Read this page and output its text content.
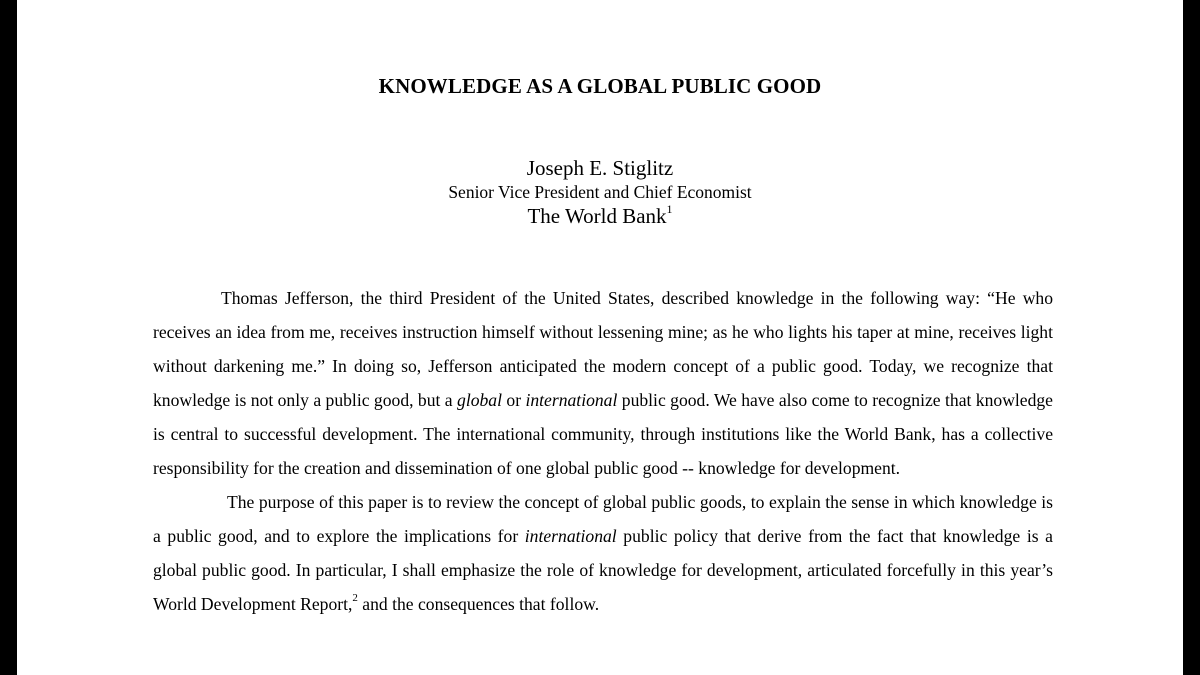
KNOWLEDGE AS A GLOBAL PUBLIC GOOD

Joseph E. Stiglitz

Senior Vice President and Chief Economist

The World Bank$^1$

Thomas Jefferson, the third President of the United States, described knowledge in the following way: “He who receives an idea from me, receives instruction himself without lessening mine; as he who lights his taper at mine, receives light without darkening me.” In doing so, Jefferson anticipated the modern concept of a public good. Today, we recognize that knowledge is not only a public good, but a global or international public good. We have also come to recognize that knowledge is central to successful development. The international community, through institutions like the World Bank, has a collective responsibility for the creation and dissemination of one global public good -- knowledge for development.

The purpose of this paper is to review the concept of global public goods, to explain the sense in which knowledge is a public good, and to explore the implications for international public policy that derive from the fact that knowledge is a global public good. In particular, I shall emphasize the role of knowledge for development, articulated forcefully in this year’s World Development Report,$^2$ and the consequences that follow.
